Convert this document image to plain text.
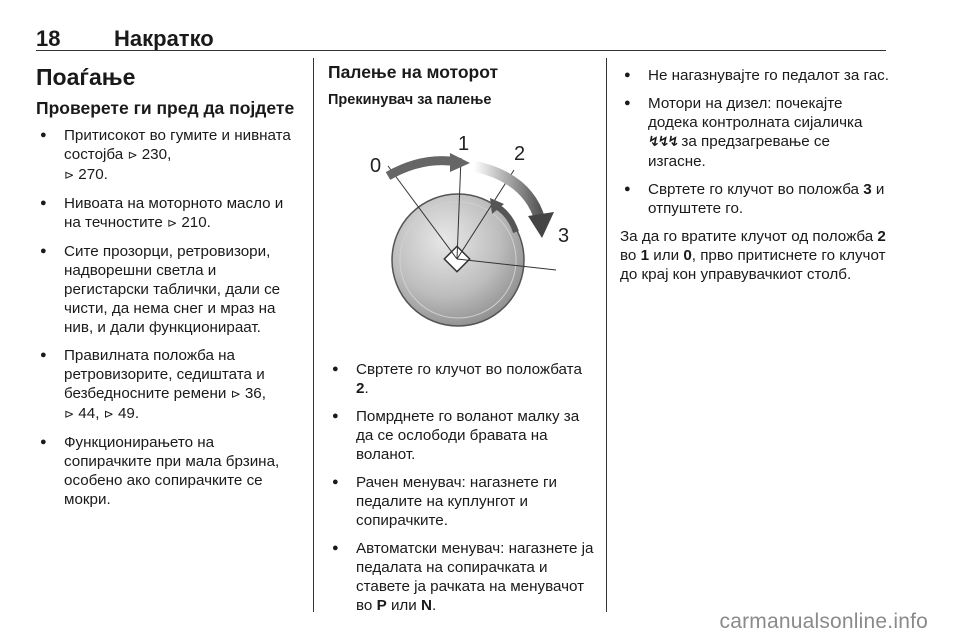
18 Накратко
Поаѓање
Проверете ги пред да појдете
● Притисокот во гумите и нивната состојба ⊳ 230,
⊳ 270.
● Нивоата на моторното масло и на течностите ⊳ 210.
● Сите прозорци, ретровизори, надворешни светла и регистарски таблички, дали се чисти, да нема снег и мраз на нив, и дали функционираат.
● Правилната положба на ретровизорите, седиштата и безбедносните ремени ⊳ 36,
⊳ 44, ⊳ 49.
● Функционирањето на сопирачките при мала брзина, особено ако сопирачките се мокри.
Палење на моторот
Прекинувач за палење
0
1 2
3
● Свртете го клучот во положбата 2.
● Помрднете го воланот малку за да се ослободи бравата на воланот.
● Рачен менувач: нагазнете ги педалите на куплунгот и сопирачките.
● Автоматски менувач: нагазнете ја педалата на сопирачката и ставете ја рачката на менувачот во P или N.
● Не нагазнувајте го педалот за гас.
● Мотори на дизел: почекајте додека контролната сијаличка ↯↯↯ за предзагревање се изгасне.
● Свртете го клучот во положба 3 и отпуштете го.

За да го вратите клучот од положба 2 во 1 или 0, прво притиснете го клучот до крај кон управувачкиот столб.

carmanualsonline.info
